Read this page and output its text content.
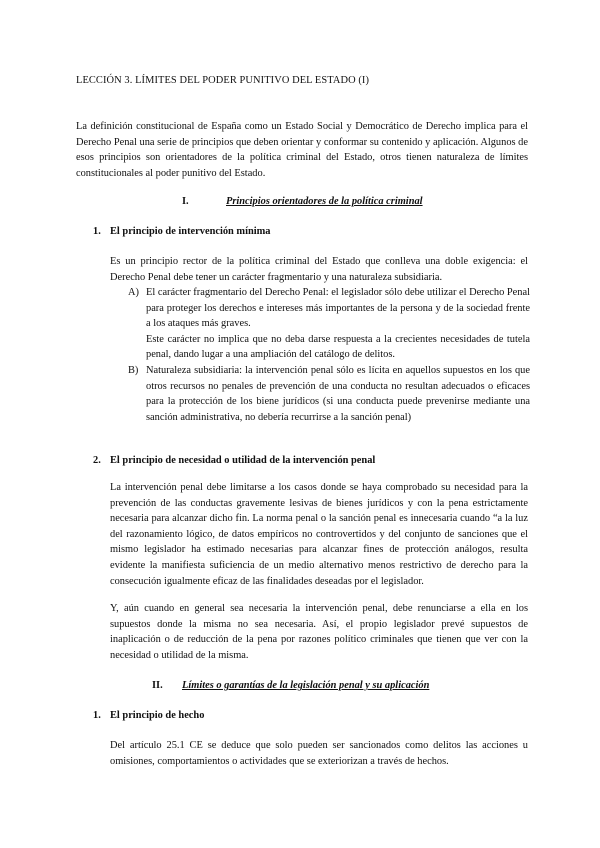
LECCIÓN 3. LÍMITES DEL PODER PUNITIVO DEL ESTADO (I)
La definición constitucional de España como un Estado Social y Democrático de Derecho implica para el Derecho Penal una serie de principios que deben orientar y conformar su contenido y aplicación. Algunos de esos principios son orientadores de la política criminal del Estado, otros tienen naturaleza de límites constitucionales al poder punitivo del Estado.
I.	Principios orientadores de la política criminal
1. El principio de intervención mínima
Es un principio rector de la política criminal del Estado que conlleva una doble exigencia: el Derecho Penal debe tener un carácter fragmentario y una naturaleza subsidiaria.
A) El carácter fragmentario del Derecho Penal: el legislador sólo debe utilizar el Derecho Penal para proteger los derechos e intereses más importantes de la persona y de la sociedad frente a los ataques más graves.
Este carácter no implica que no deba darse respuesta a la crecientes necesidades de tutela penal, dando lugar a una ampliación del catálogo de delitos.
B) Naturaleza subsidiaria: la intervención penal sólo es lícita en aquellos supuestos en los que otros recursos no penales de prevención de una conducta no resultan adecuados o eficaces para la protección de los biene jurídicos (si una conducta puede prevenirse mediante una sanción administrativa, no debería recurrirse a la sanción penal)
2. El principio de necesidad o utilidad de la intervención penal
La intervención penal debe limitarse a los casos donde se haya comprobado su necesidad para la prevención de las conductas gravemente lesivas de bienes jurídicos y con la pena estrictamente necesaria para alcanzar dicho fin. La norma penal o la sanción penal es innecesaria cuando “a la luz del razonamiento lógico, de datos empíricos no controvertidos y del conjunto de sanciones que el mismo legislador ha estimado necesarias para alcanzar fines de protección análogos, resulta evidente la manifiesta suficiencia de un medio alternativo menos restrictivo de derecho para la consecución igualmente eficaz de las finalidades deseadas por el legislador.
Y, aún cuando en general sea necesaria la intervención penal, debe renunciarse a ella en los supuestos donde la misma no sea necesaria. Así, el propio legislador prevé supuestos de inaplicación o de reducción de la pena por razones político criminales que tienen que ver con la necesidad o utilidad de la misma.
II. Límites o garantías de la legislación penal y su aplicación
1. El principio de hecho
Del artículo 25.1 CE se deduce que solo pueden ser sancionados como delitos las acciones u omisiones, comportamientos o actividades que se exteriorizan a través de hechos.
